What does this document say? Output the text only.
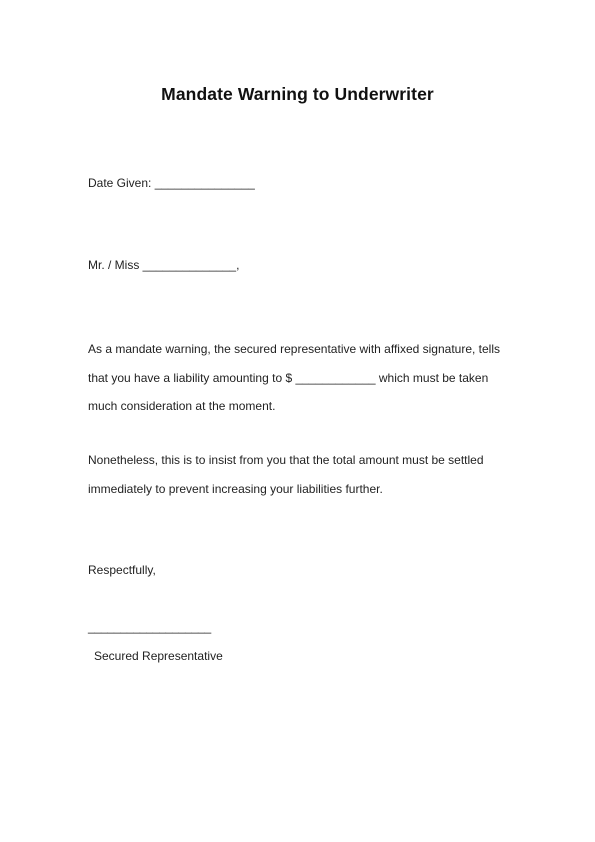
Mandate Warning to Underwriter
Date Given: _______________
Mr. / Miss ______________,
As a mandate warning, the secured representative with affixed signature, tells
that you have a liability amounting to $ ____________ which must be taken
much consideration at the moment.
Nonetheless, this is to insist from you that the total amount must be settled
immediately to prevent increasing your liabilities further.
Respectfully,
___________________
Secured Representative
